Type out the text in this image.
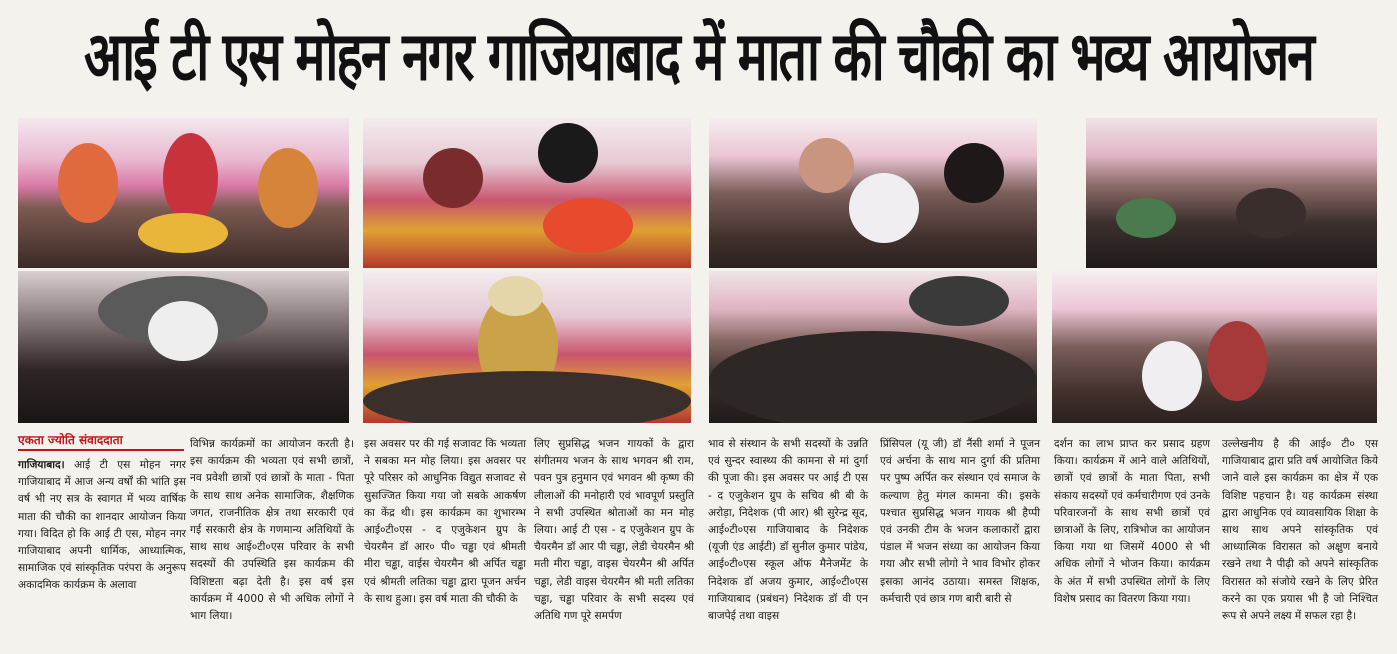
आई टी एस मोहन नगर गाजियाबाद में माता की चौकी का भव्य आयोजन
एकता ज्योति संवाददाता
गाजियाबाद। आई टी एस मोहन नगर गाजियाबाद में आज अन्य वर्षों की भांति इस वर्ष भी नए सत्र के स्वागत में भव्य वार्षिक माता की चौकी का शानदार आयोजन किया गया। विदित हो कि आई टी एस, मोहन नगर गाजियाबाद अपनी धार्मिक, आध्यात्मिक, सामाजिक एवं सांस्कृतिक परंपरा के अनुरूप अकादमिक कार्यक्रम के अलावा
विभिन्न कार्यक्रमों का आयोजन करती है। इस कार्यक्रम की भव्यता एवं सभी छात्रों, नव प्रवेशी छात्रों एवं छात्रों के माता - पिता के साथ साथ अनेक सामाजिक, शैक्षणिक जगत, राजनीतिक क्षेत्र तथा सरकारी एवं गई सरकारी क्षेत्र के गणमान्य अतिथियों के साथ साथ आई०टी०एस परिवार के सभी सदस्यों की उपस्थिति इस कार्यक्रम की विशिष्टता बढ़ा देती है। इस वर्ष इस कार्यक्रम में 4000 से भी अधिक लोगों ने भाग लिया।
इस अवसर पर की गई सजावट कि भव्यता ने सबका मन मोह लिया। इस अवसर पर पूरे परिसर को आधुनिक विद्युत सजावट से सुसज्जित किया गया जो सबके आकर्षण का केंद्र थी। इस कार्यक्रम का शुभारम्भ आई०टी०एस - द एजुकेशन ग्रुप के चेयरमैन डॉ आर० पी० चड्ढा एवं श्रीमती मीरा चड्ढा, वाईस चेयरमैन श्री अर्पित चड्ढा एवं श्रीमती लतिका चड्ढा द्वारा पूजन अर्चन के साथ हुआ। इस वर्ष माता की चौकी के
लिए सुप्रसिद्ध भजन गायकों के द्वारा संगीतमय भजन के साथ भगवन श्री राम, पवन पुत्र हनुमान एवं भगवन श्री कृष्ण की लीलाओं की मनोहारी एवं भावपूर्ण प्रस्तुति ने सभी उपस्थित श्रोताओं का मन मोह लिया। आई टी एस - द एजुकेशन ग्रुप के चैयरमैन डॉ आर पी चड्ढा, लेडी चेयरमैन श्री मती मीरा चड्ढा, वाइस चेयरमैन श्री अर्पित चड्ढा, लेडी वाइस चेयरमैन श्री मती लतिका चड्ढा, चड्ढा परिवार के सभी सदस्य एवं अतिथि गण पूरे समर्पण
भाव से संस्थान के सभी सदस्यों के उन्नति एवं सुन्दर स्वास्थ्य की कामना से मां दुर्गा की पूजा की। इस अवसर पर आई टी एस - द एजुकेशन ग्रुप के सचिव श्री बी के अरोड़ा, निदेशक (पी आर) श्री सुरेन्द्र सूद, आई०टी०एस गाजियाबाद के निदेशक (यूजी एंड आईटी) डॉ सुनील कुमार पांडेय, आई०टी०एस स्कूल ऑफ मैनेजमेंट के निदेशक डॉ अजय कुमार, आई०टी०एस गाजियाबाद (प्रबंधन) निदेशक डॉ वी एन बाजपेई तथा वाइस
प्रिंसिपल (यू जी) डॉ नैंसी शर्मा ने पूजन एवं अर्चना के साथ मान दुर्गा की प्रतिमा पर पुष्प अर्पित कर संस्थान एवं समाज के कल्याण हेतु मंगल कामना की। इसके पश्चात सुप्रसिद्ध भजन गायक श्री हैप्पी एवं उनकी टीम के भजन कलाकारों द्वारा पंडाल में भजन संध्या का आयोजन किया गया और सभी लोगो ने भाव विभोर होकर इसका आनंद उठाया। समस्त शिक्षक, कर्मचारी एवं छात्र गण बारी बारी से
दर्शन का लाभ प्राप्त कर प्रसाद ग्रहण किया। कार्यक्रम में आने वाले अतिथियों, छात्रों एवं छात्रों के माता पिता, सभी संकाय सदस्यों एवं कर्मचारीगण एवं उनके परिवारजनों के साथ सभी छात्रों एवं छात्राओं के लिए, रात्रिभोज का आयोजन किया गया था जिसमें 4000 से भी अधिक लोगों ने भोजन किया। कार्यक्रम के अंत में सभी उपस्थित लोगों के लिए विशेष प्रसाद का वितरण किया गया।
उल्लेखनीय है की आई० टी० एस गाजियाबाद द्वारा प्रति वर्ष आयोजित किये जाने वाले इस कार्यक्रम का क्षेत्र में एक विशिष्ट पहचान है। यह कार्यक्रम संस्था द्वारा आधुनिक एवं व्यावसायिक शिक्षा के साथ साथ अपने सांस्कृतिक एवं आध्यात्मिक विरासत को अक्षुण बनाये रखने तथा नै पीढ़ी को अपने सांस्कृतिक विरासत को संजोये रखने के लिए प्रेरित करने का एक प्रयास भी है जो निश्चित रूप से अपने लक्ष्य में सफल रहा है।
